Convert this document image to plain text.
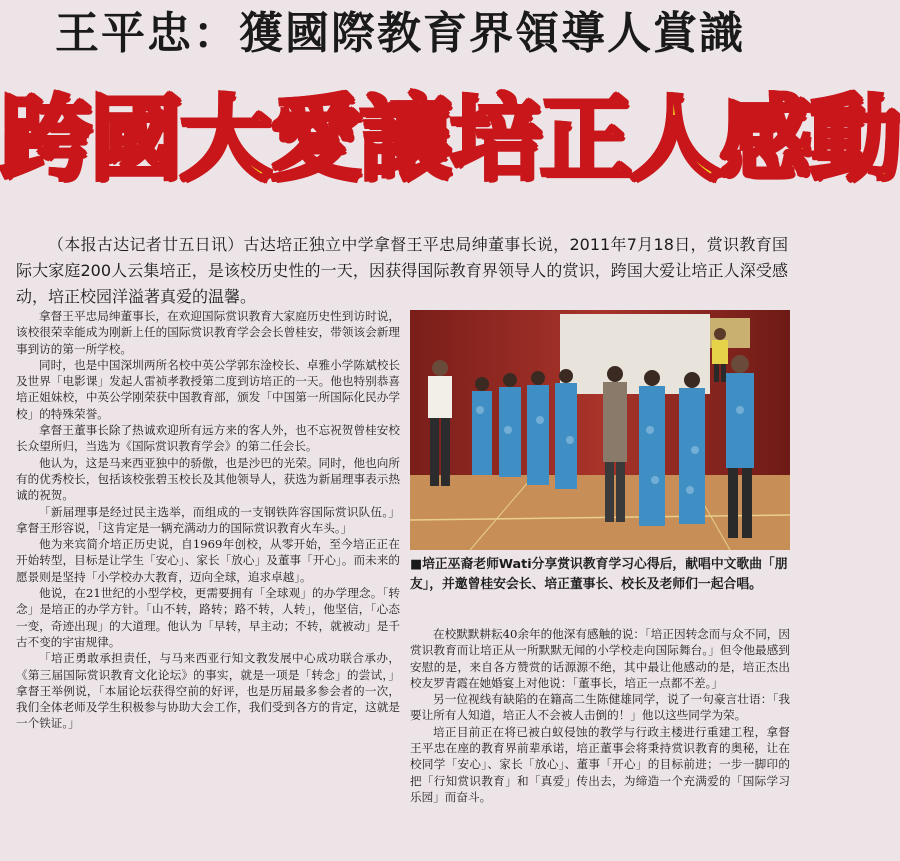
王平忠：獲國際教育界領導人賞識
跨國大愛讓培正人感動
（本报古达记者廿五日讯）古达培正独立中学拿督王平忠局绅董事长说，2011年7月18日，赏识教育国际大家庭200人云集培正，是该校历史性的一天，因获得国际教育界领导人的赏识，跨国大爱让培正人深受感动，培正校园洋溢著真爱的温馨。

拿督王平忠局绅董事长，在欢迎国际赏识教育大家庭历史性到访时说，该校很荣幸能成为刚新上任的国际赏识教育学会会长曾桂安，带领该会新理事到访的第一所学校。

同时，也是中国深圳两所名校中英公学郭东淦校长、卓雅小学陈斌校长及世界「电影课」发起人雷祯孝教授第二度到访培正的一天。他也特别恭喜培正姐妹校，中英公学刚荣获中国教育部，颁发「中国第一所国际化民办学校」的特殊荣誉。

拿督王董事长除了热诚欢迎所有远方来的客人外，也不忘祝贺曾桂安校长众望所归，当选为《国际赏识教育学会》的第二任会长。

他认为，这是马来西亚独中的骄傲，也是沙巴的光荣。同时，他也向所有的优秀校长，包括该校张碧玉校长及其他领导人，获选为新届理事表示热诚的祝贺。

「新届理事是经过民主选举，而组成的一支钢铁阵容国际赏识队伍。」拿督王形容说，「这肯定是一辆充满动力的国际赏识教育火车头。」

他为来宾简介培正历史说，自1969年创校，从零开始，至今培正正在开始转型，目标是让学生「安心」、家长「放心」及董事「开心」。而未来的愿景则是坚持「小学校办大教育，迈向全球，追求卓越」。

他说，在21世纪的小型学校，更需要拥有「全球观」的办学理念。「转念」是培正的办学方针。「山不转，路转；路不转，人转」，他坚信，「心态一变，奇迹出现」的大道理。他认为「早转，早主动；不转，就被动」是千古不变的宇宙规律。

「培正勇敢承担责任，与马来西亚行知文教发展中心成功联合承办，《第三届国际赏识教育文化论坛》的事实，就是一项是「转念」的尝试，」拿督王举例说，「本届论坛获得空前的好评，也是历届最多参会者的一次，我们全体老师及学生积极参与协助大会工作，我们受到各方的肯定，这就是一个铁证。」

■培正巫裔老师Wati分享赏识教育学习心得后，献唱中文歌曲「朋友」，并邀曾桂安会长、培正董事长、校长及老师们一起合唱。

在校默默耕耘40余年的他深有感触的说：「培正因转念而与众不同，因赏识教育而让培正从一所默默无闻的小学校走向国际舞台。」但令他最感到安慰的是，来自各方赞赏的话源源不绝，其中最让他感动的是，培正杰出校友罗青霞在她婚宴上对他说：「董事长，培正一点都不差。」

另一位视线有缺陷的在籍高二生陈健雄同学，说了一句豪言壮语：「我要让所有人知道，培正人不会被人击倒的！」他以这些同学为荣。

培正目前正在将已被白蚁侵蚀的教学与行政主楼进行重建工程，拿督王平忠在座的教育界前辈承诺，培正董事会将秉持赏识教育的奥秘，让在校同学「安心」、家长「放心」、董事「开心」的目标前进；一步一脚印的把「行知赏识教育」和「真爱」传出去，为缔造一个充满爱的「国际学习乐园」而奋斗。
